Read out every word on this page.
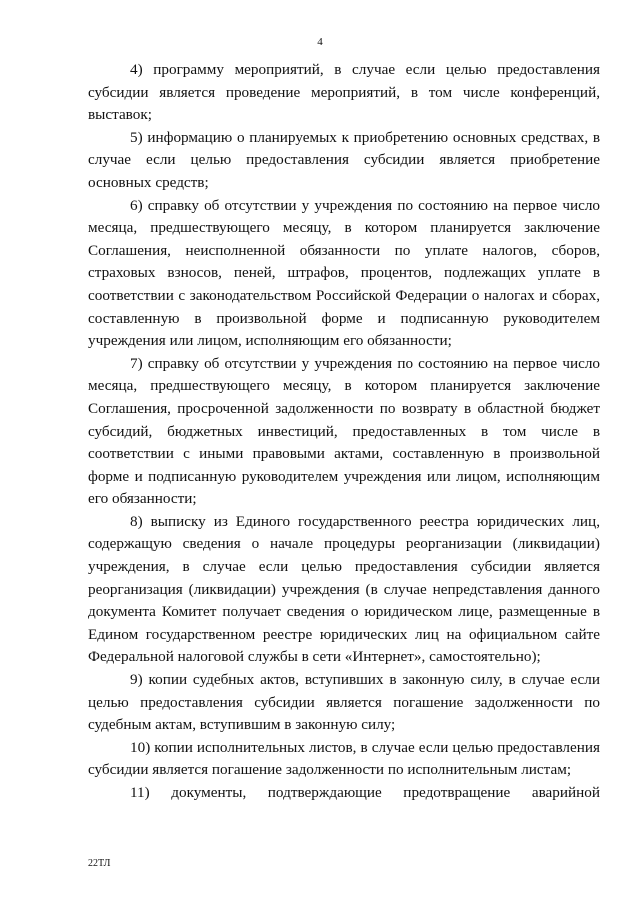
4

4) программу мероприятий, в случае если целью предоставления субсидии является проведение мероприятий, в том числе конференций, выставок;

5) информацию о планируемых к приобретению основных средствах, в случае если целью предоставления субсидии является приобретение основных средств;

6) справку об отсутствии у учреждения по состоянию на первое число месяца, предшествующего месяцу, в котором планируется заключение Соглашения, неисполненной обязанности по уплате налогов, сборов, страховых взносов, пеней, штрафов, процентов, подлежащих уплате в соответствии с законодательством Российской Федерации о налогах и сборах, составленную в произвольной форме и подписанную руководителем учреждения или лицом, исполняющим его обязанности;

7) справку об отсутствии у учреждения по состоянию на первое число месяца, предшествующего месяцу, в котором планируется заключение Соглашения, просроченной задолженности по возврату в областной бюджет субсидий, бюджетных инвестиций, предоставленных в том числе в соответствии с иными правовыми актами, составленную в произвольной форме и подписанную руководителем учреждения или лицом, исполняющим его обязанности;

8) выписку из Единого государственного реестра юридических лиц, содержащую сведения о начале процедуры реорганизации (ликвидации) учреждения, в случае если целью предоставления субсидии является реорганизация (ликвидации) учреждения (в случае непредставления данного документа Комитет получает сведения о юридическом лице, размещенные в Едином государственном реестре юридических лиц на официальном сайте Федеральной налоговой службы в сети «Интернет», самостоятельно);

9) копии судебных актов, вступивших в законную силу, в случае если целью предоставления субсидии является погашение задолженности по судебным актам, вступившим в законную силу;

10) копии исполнительных листов, в случае если целью предоставления субсидии является погашение задолженности по исполнительным листам;

11) документы, подтверждающие предотвращение аварийной

22ТЛ
